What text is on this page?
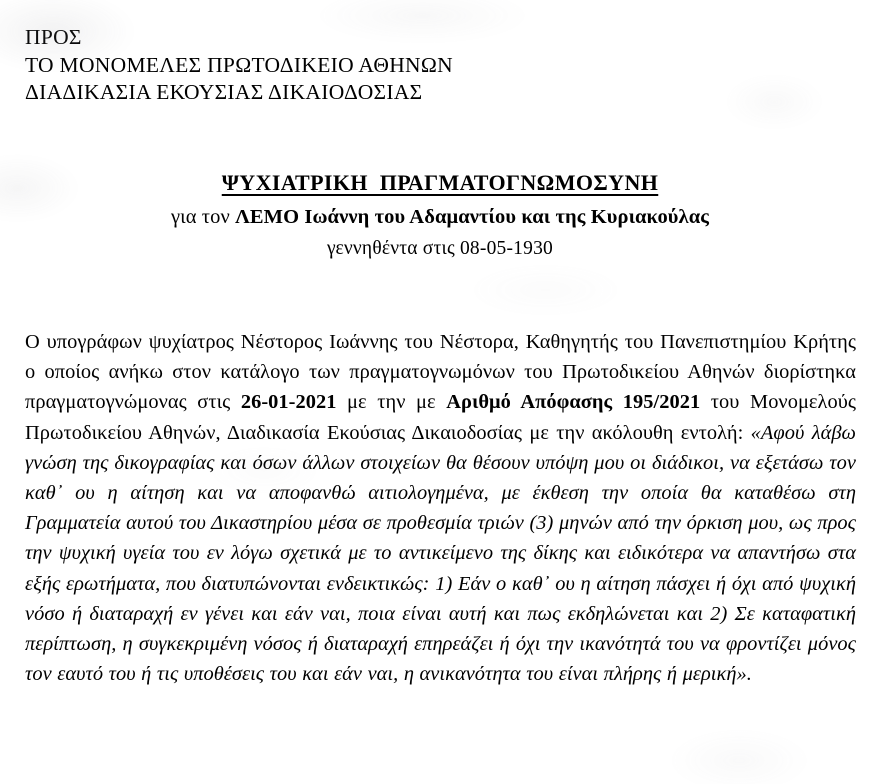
ΠΡΟΣ
ΤΟ ΜΟΝΟΜΕΛΕΣ ΠΡΩΤΟΔΙΚΕΙΟ ΑΘΗΝΩΝ
ΔΙΑΔΙΚΑΣΙΑ ΕΚΟΥΣΙΑΣ ΔΙΚΑΙΟΔΟΣΙΑΣ
ΨΥΧΙΑΤΡΙΚΗ  ΠΡΑΓΜΑΤΟΓΝΩΜΟΣΥΝΗ
για τον ΛΕΜΟ Ιωάννη του Αδαμαντίου και της Κυριακούλας
γεννηθέντα στις 08-05-1930
Ο υπογράφων ψυχίατρος Νέστορος Ιωάννης του Νέστορα, Καθηγητής του Πανεπιστημίου Κρήτης ο οποίος ανήκω στον κατάλογο των πραγματογνωμόνων του Πρωτοδικείου Αθηνών διορίστηκα πραγματογνώμονας στις 26-01-2021 με την με Αριθμό Απόφασης 195/2021 του Μονομελούς Πρωτοδικείου Αθηνών, Διαδικασία Εκούσιας Δικαιοδοσίας με την ακόλουθη εντολή: «Αφού λάβω γνώση της δικογραφίας και όσων άλλων στοιχείων θα θέσουν υπόψη μου οι διάδικοι, να εξετάσω τον καθ᾽ ου η αίτηση και να αποφανθώ αιτιολογημένα, με έκθεση την οποία θα καταθέσω στη Γραμματεία αυτού του Δικαστηρίου μέσα σε προθεσμία τριών (3) μηνών από την όρκιση μου, ως προς την ψυχική υγεία του εν λόγω σχετικά με το αντικείμενο της δίκης και ειδικότερα να απαντήσω στα εξής ερωτήματα, που διατυπώνονται ενδεικτικώς: 1) Εάν ο καθ᾽ ου η αίτηση πάσχει ή όχι από ψυχική νόσο ή διαταραχή εν γένει και εάν ναι, ποια είναι αυτή και πως εκδηλώνεται και 2) Σε καταφατική περίπτωση, η συγκεκριμένη νόσος ή διαταραχή επηρεάζει ή όχι την ικανότητά του να φροντίζει μόνος τον εαυτό του ή τις υποθέσεις του και εάν ναι, η ανικανότητα του είναι πλήρης ή μερική».
